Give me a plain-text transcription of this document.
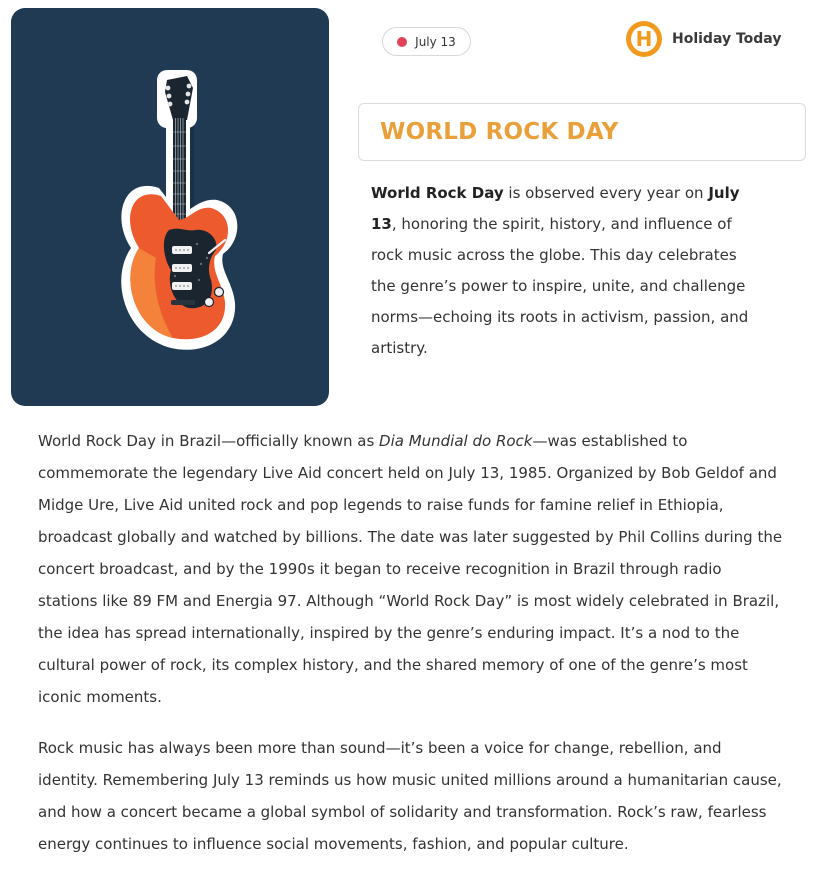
July 13	H	Holiday Today
WORLD ROCK DAY

World Rock Day is observed every year on July 13, honoring the spirit, history, and influence of rock music across the globe. This day celebrates the genre’s power to inspire, unite, and challenge norms—echoing its roots in activism, passion, and artistry.

World Rock Day in Brazil—officially known as Dia Mundial do Rock—was established to commemorate the legendary Live Aid concert held on July 13, 1985. Organized by Bob Geldof and Midge Ure, Live Aid united rock and pop legends to raise funds for famine relief in Ethiopia, broadcast globally and watched by billions. The date was later suggested by Phil Collins during the concert broadcast, and by the 1990s it began to receive recognition in Brazil through radio stations like 89 FM and Energia 97. Although “World Rock Day” is most widely celebrated in Brazil, the idea has spread internationally, inspired by the genre’s enduring impact. It’s a nod to the cultural power of rock, its complex history, and the shared memory of one of the genre’s most iconic moments.

Rock music has always been more than sound—it’s been a voice for change, rebellion, and identity. Remembering July 13 reminds us how music united millions around a humanitarian cause, and how a concert became a global symbol of solidarity and transformation. Rock’s raw, fearless energy continues to influence social movements, fashion, and popular culture.
